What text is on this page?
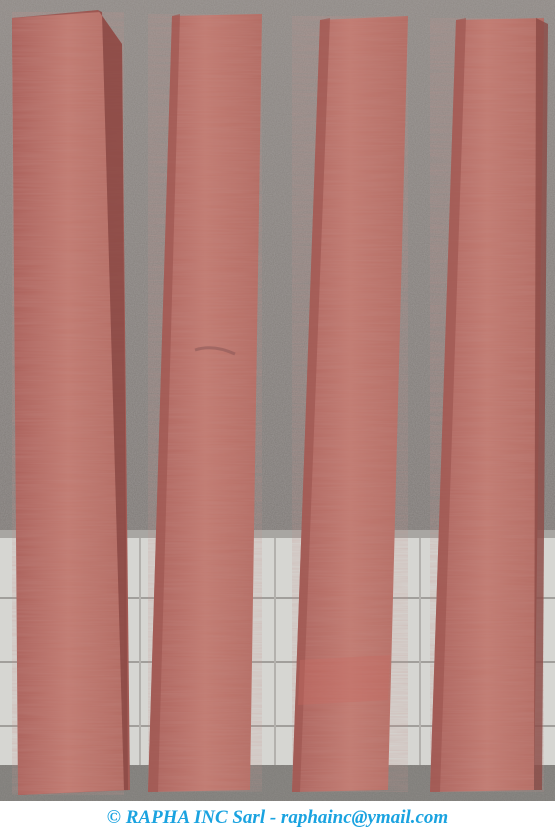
© RAPHA INC Sarl - raphainc@ymail.com
